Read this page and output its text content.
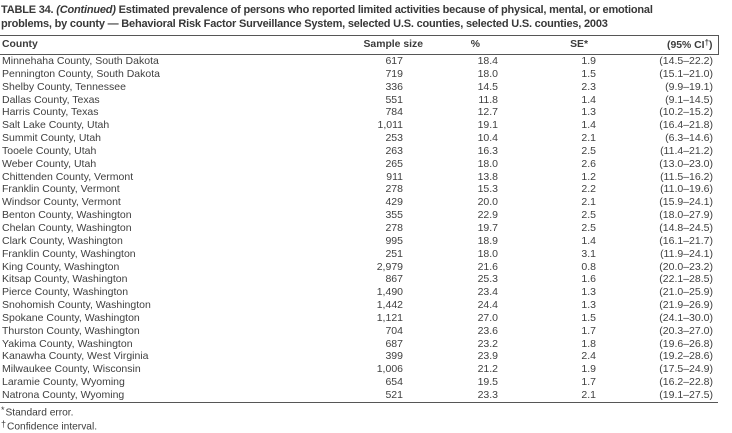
TABLE 34. (Continued) Estimated prevalence of persons who reported limited activities because of physical, mental, or emotional
problems, by county — Behavioral Risk Factor Surveillance System, selected U.S. counties, selected U.S. counties, 2003
County	Sample size	%	SE*	(95% CI†)
Minnehaha County, South Dakota	617	18.4	1.9	(14.5–22.2)
Pennington County, South Dakota	719	18.0	1.5	(15.1–21.0)
Shelby County, Tennessee	336	14.5	2.3	(9.9–19.1)
Dallas County, Texas	551	11.8	1.4	(9.1–14.5)
Harris County, Texas	784	12.7	1.3	(10.2–15.2)
Salt Lake County, Utah	1,011	19.1	1.4	(16.4–21.8)
Summit County, Utah	253	10.4	2.1	(6.3–14.6)
Tooele County, Utah	263	16.3	2.5	(11.4–21.2)
Weber County, Utah	265	18.0	2.6	(13.0–23.0)
Chittenden County, Vermont	911	13.8	1.2	(11.5–16.2)
Franklin County, Vermont	278	15.3	2.2	(11.0–19.6)
Windsor County, Vermont	429	20.0	2.1	(15.9–24.1)
Benton County, Washington	355	22.9	2.5	(18.0–27.9)
Chelan County, Washington	278	19.7	2.5	(14.8–24.5)
Clark County, Washington	995	18.9	1.4	(16.1–21.7)
Franklin County, Washington	251	18.0	3.1	(11.9–24.1)
King County, Washington	2,979	21.6	0.8	(20.0–23.2)
Kitsap County, Washington	867	25.3	1.6	(22.1–28.5)
Pierce County, Washington	1,490	23.4	1.3	(21.0–25.9)
Snohomish County, Washington	1,442	24.4	1.3	(21.9–26.9)
Spokane County, Washington	1,121	27.0	1.5	(24.1–30.0)
Thurston County, Washington	704	23.6	1.7	(20.3–27.0)
Yakima County, Washington	687	23.2	1.8	(19.6–26.8)
Kanawha County, West Virginia	399	23.9	2.4	(19.2–28.6)
Milwaukee County, Wisconsin	1,006	21.2	1.9	(17.5–24.9)
Laramie County, Wyoming	654	19.5	1.7	(16.2–22.8)
Natrona County, Wyoming	521	23.3	2.1	(19.1–27.5)
*Standard error.
†Confidence interval.
